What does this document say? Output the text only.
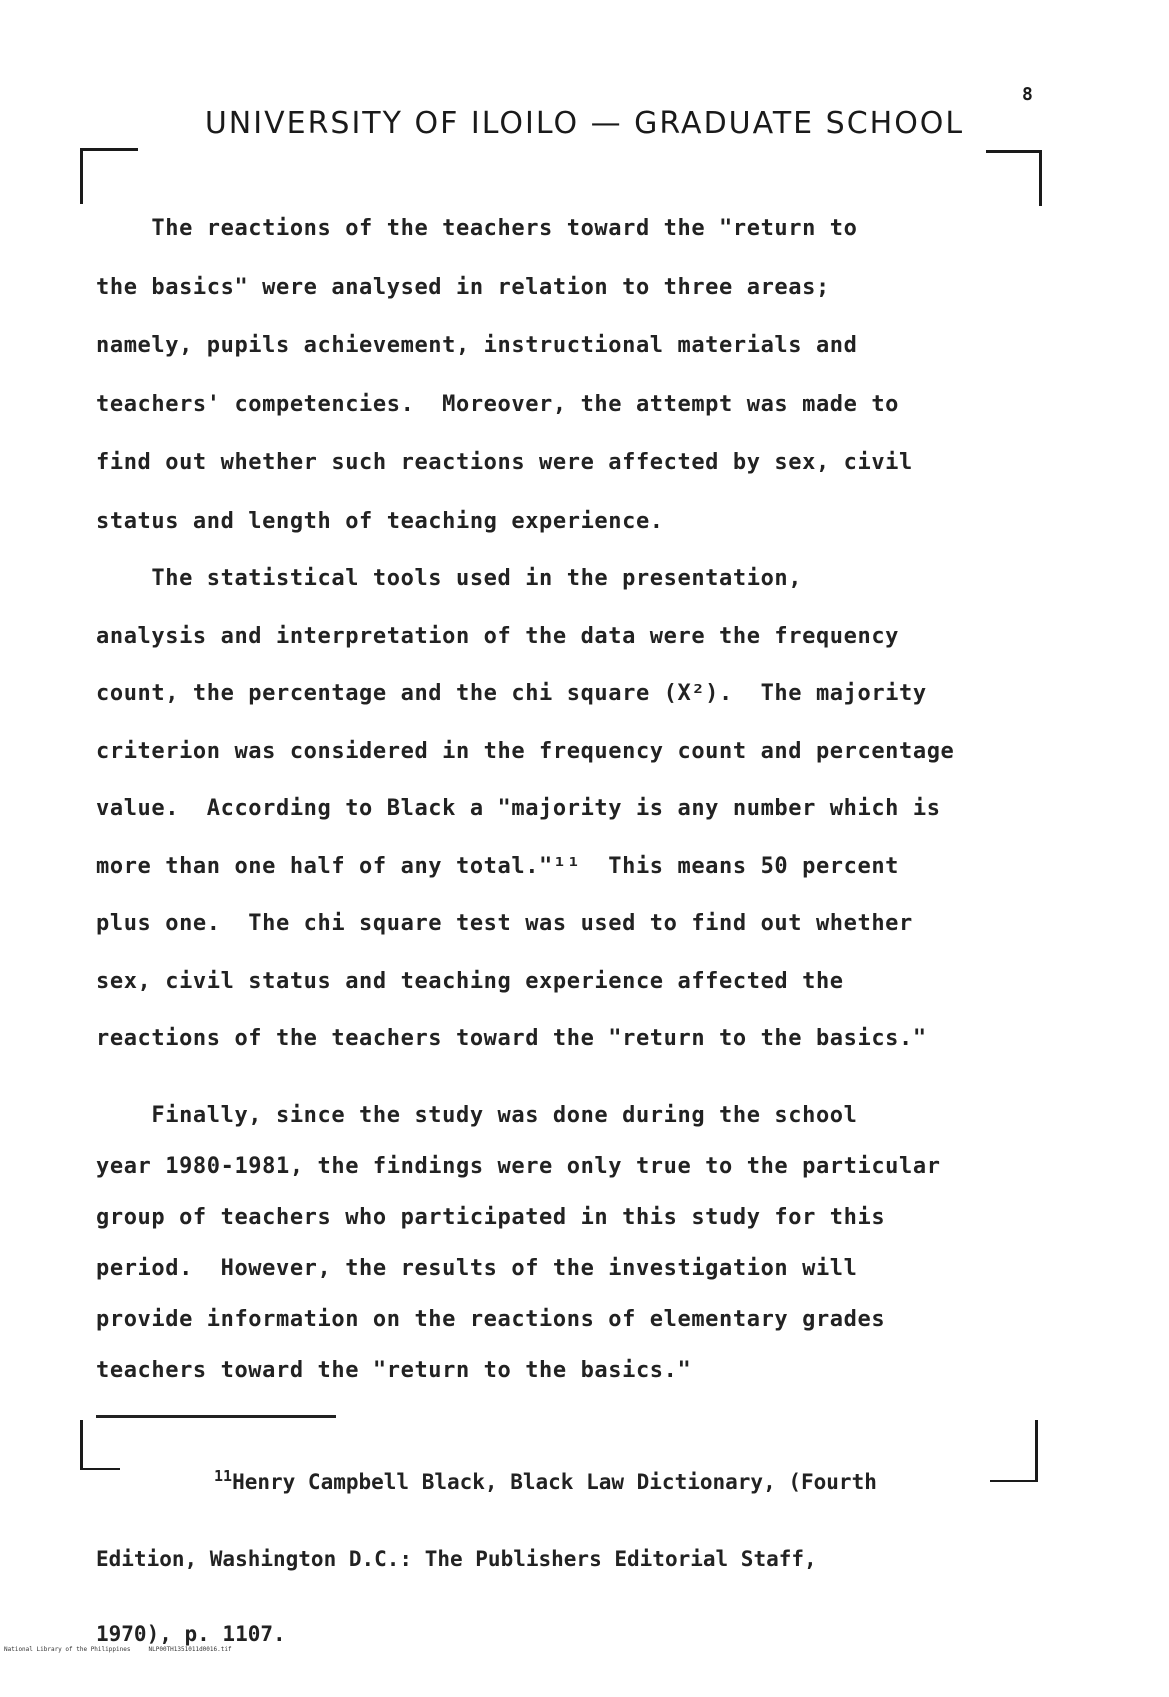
8
UNIVERSITY OF ILOILO — GRADUATE SCHOOL
The reactions of the teachers toward the "return to
the basics" were analysed in relation to three areas;
namely, pupils achievement, instructional materials and
teachers' competencies.  Moreover, the attempt was made to
find out whether such reactions were affected by sex, civil
status and length of teaching experience.
The statistical tools used in the presentation,
analysis and interpretation of the data were the frequency
count, the percentage and the chi square (X²).  The majority
criterion was considered in the frequency count and percentage
value.  According to Black a "majority is any number which is
more than one half of any total."¹¹  This means 50 percent
plus one.  The chi square test was used to find out whether
sex, civil status and teaching experience affected the
reactions of the teachers toward the "return to the basics."
Finally, since the study was done during the school
year 1980-1981, the findings were only true to the particular
group of teachers who participated in this study for this
period.  However, the results of the investigation will
provide information on the reactions of elementary grades
teachers toward the "return to the basics."

$^{11}$Henry Campbell Black, Black Law Dictionary, (Fourth

Edition, Washington D.C.: The Publishers Editorial Staff,

1970), p. 1107.

National Library of the Philippines	NLP00TH1351011d0016.tif
